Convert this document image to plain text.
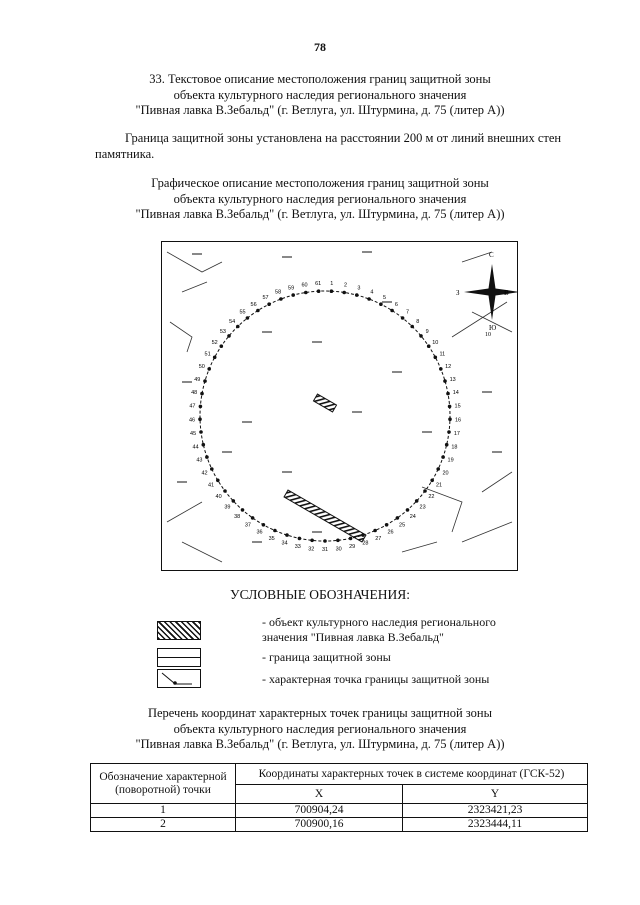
78
33. Текстовое описание местоположения границ защитной зоны
объекта культурного наследия регионального значения
"Пивная лавка В.Зебальд" (г. Ветлуга, ул. Штурмина, д. 75 (литер А))
Граница защитной зоны установлена на расстоянии 200 м от линий внешних стен памятника.
Графическое описание местоположения границ защитной зоны
объекта культурного наследия регионального значения
"Пивная лавка В.Зебальд" (г. Ветлуга, ул. Штурмина, д. 75 (литер А))
1 2 3
4
5
6
7
8
9
10
11
12
13
14
15
16
17
18
19
20
21
22
23
24
25
26
27
28
29
30
31
32
33
34
35
36
37
38
39
40
41
42
43
44
45
46
47
48
49
50
51
52
53
54
55
56
57
58
59 60 61
С
Ю
З	В
10
УСЛОВНЫЕ ОБОЗНАЧЕНИЯ:
- объект культурного наследия регионального
значения "Пивная лавка В.Зебальд"
- граница защитной зоны
- характерная точка границы защитной зоны
Перечень координат характерных точек границы защитной зоны
объекта культурного наследия регионального значения
"Пивная лавка В.Зебальд" (г. Ветлуга, ул. Штурмина, д. 75 (литер А))
Обозначение характерной (поворотной) точки	Координаты характерных точек в системе координат (ГСК-52)	
	X	Y
1	700904,24	2323421,23
2	700900,16	2323444,11
